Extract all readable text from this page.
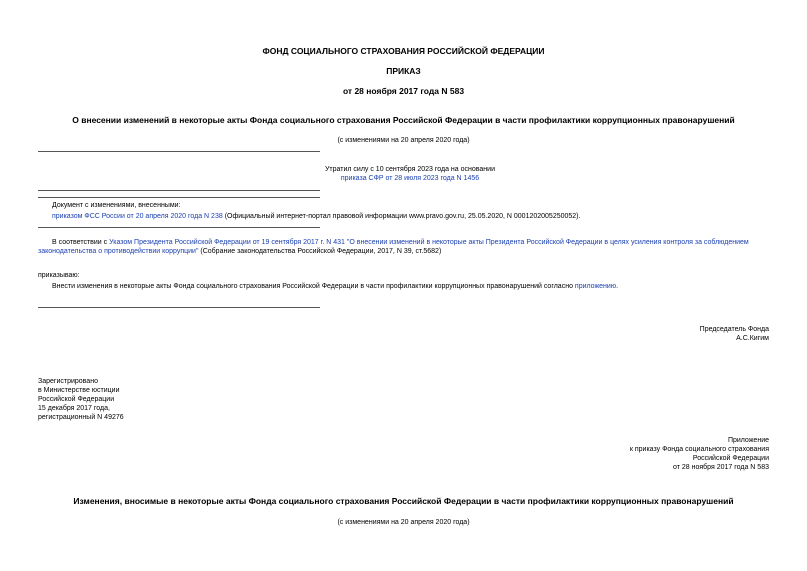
ФОНД СОЦИАЛЬНОГО СТРАХОВАНИЯ РОССИЙСКОЙ ФЕДЕРАЦИИ
ПРИКАЗ
от 28 ноября 2017 года N 583
О внесении изменений в некоторые акты Фонда социального страхования Российской Федерации в части профилактики коррупционных правонарушений
(с изменениями на 20 апреля 2020 года)

Утратил силу с 10 сентября 2023 года на основании

приказа СФР от 28 июля 2023 года N 1456

Документ с изменениями, внесенными:

приказом ФСС России от 20 апреля 2020 года N 238 (Официальный интернет-портал правовой информации www.pravo.gov.ru, 25.05.2020, N 0001202005250052).

В соответствии с Указом Президента Российской Федерации от 19 сентября 2017 г. N 431 "О внесении изменений в некоторые акты Президента Российской Федерации в целях усиления контроля за соблюдением законодательства о противодействии коррупции" (Собрание законодательства Российской Федерации, 2017, N 39, ст.5682)

приказываю:

Внести изменения в некоторые акты Фонда социального страхования Российской Федерации в части профилактики коррупционных правонарушений согласно приложению.

Председатель Фонда

А.С.Кигим

Зарегистрировано

в Министерстве юстиции

Российской Федерации

15 декабря 2017 года,

регистрационный N 49276

Приложение

к приказу Фонда социального страхования

Российской Федерации

от 28 ноября 2017 года N 583

Изменения, вносимые в некоторые акты Фонда социального страхования Российской Федерации в части профилактики коррупционных правонарушений
(с изменениями на 20 апреля 2020 года)
